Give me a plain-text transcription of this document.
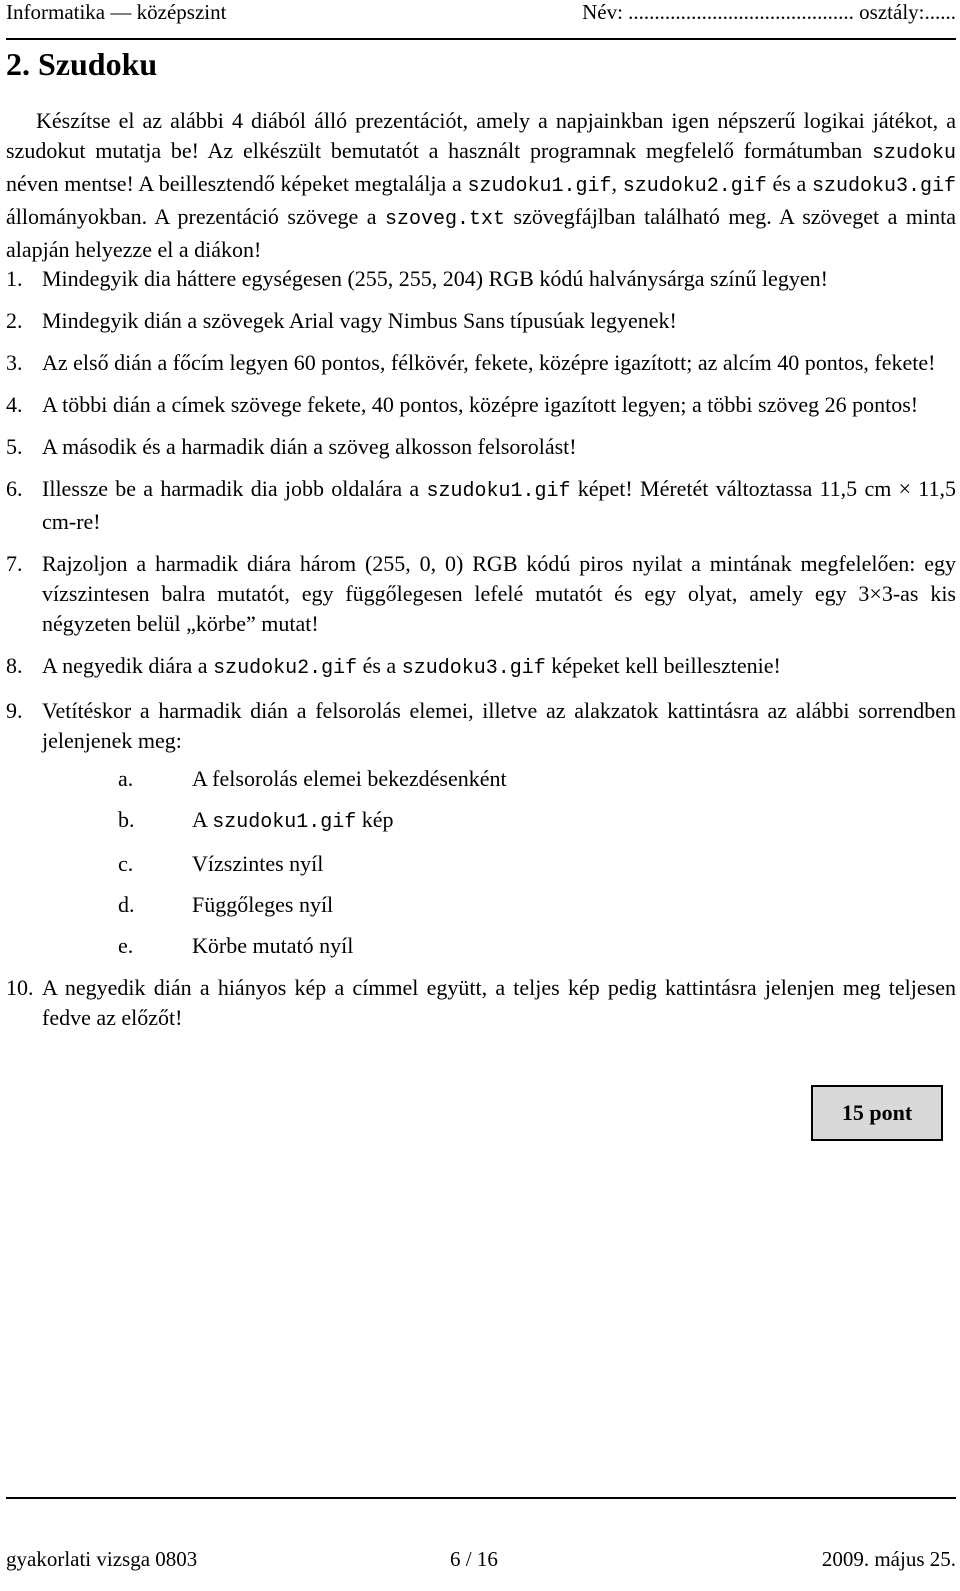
Informatika — középszint	Név: ........................................... osztály:......
2. Szudoku
Készítse el az alábbi 4 diából álló prezentációt, amely a napjainkban igen népszerű logikai játékot, a szudokut mutatja be! Az elkészült bemutatót a használt programnak megfelelő formátumban szudoku néven mentse! A beillesztendő képeket megtalálja a szudoku1.gif, szudoku2.gif és a szudoku3.gif állományokban. A prezentáció szövege a szoveg.txt szövegfájlban található meg. A szöveget a minta alapján helyezze el a diákon!
1. Mindegyik dia háttere egységesen (255, 255, 204) RGB kódú halványsárga színű legyen!
2. Mindegyik dián a szövegek Arial vagy Nimbus Sans típusúak legyenek!
3. Az első dián a főcím legyen 60 pontos, félkövér, fekete, középre igazított; az alcím 40 pontos, fekete!
4. A többi dián a címek szövege fekete, 40 pontos, középre igazított legyen; a többi szöveg 26 pontos!
5. A második és a harmadik dián a szöveg alkosson felsorolást!
6. Illessze be a harmadik dia jobb oldalára a szudoku1.gif képet! Méretét változtassa 11,5 cm × 11,5 cm-re!
7. Rajzoljon a harmadik diára három (255, 0, 0) RGB kódú piros nyilat a mintának megfelelően: egy vízszintesen balra mutatót, egy függőlegesen lefelé mutatót és egy olyat, amely egy 3×3-as kis négyzeten belül „körbe” mutat!
8. A negyedik diára a szudoku2.gif és a szudoku3.gif képeket kell beillesztenie!
9. Vetítéskor a harmadik dián a felsorolás elemei, illetve az alakzatok kattintásra az alábbi sorrendben jelenjenek meg:
a.	A felsorolás elemei bekezdésenként
b.	A szudoku1.gif kép
c.	Vízszintes nyíl
d.	Függőleges nyíl
e.	Körbe mutató nyíl
10. A negyedik dián a hiányos kép a címmel együtt, a teljes kép pedig kattintásra jelenjen meg teljesen fedve az előzőt!
15 pont
gyakorlati vizsga 0803	6 / 16	2009. május 25.
